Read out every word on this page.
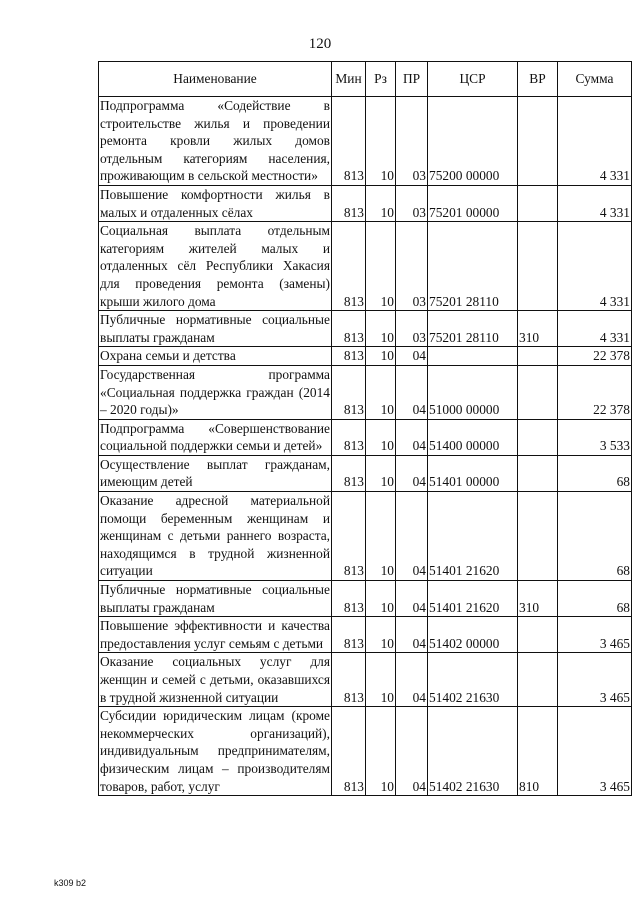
120
Наименование	Мин	Рз	ПР	ЦСР	ВР	Сумма
Подпрограмма «Содействие в строительстве жилья и проведении ремонта кровли жилых домов отдельным категориям населения, проживающим в сельской местности»	813	10	03	75200 00000		4 331
Повышение комфортности жилья в малых и отдаленных сёлах	813	10	03	75201 00000		4 331
Социальная выплата отдельным категориям жителей малых и отдаленных сёл Республики Хакасия для проведения ремонта (замены) крыши жилого дома	813	10	03	75201 28110		4 331
Публичные нормативные социальные выплаты гражданам	813	10	03	75201 28110	310	4 331
Охрана семьи и детства	813	10	04			22 378
Государственная программа «Социальная поддержка граждан (2014 – 2020 годы)»	813	10	04	51000 00000		22 378
Подпрограмма «Совершенствование социальной поддержки семьи и детей»	813	10	04	51400 00000		3 533
Осуществление выплат гражданам, имеющим детей	813	10	04	51401 00000		68
Оказание адресной материальной помощи беременным женщинам и женщинам с детьми раннего возраста, находящимся в трудной жизненной ситуации	813	10	04	51401 21620		68
Публичные нормативные социальные выплаты гражданам	813	10	04	51401 21620	310	68
Повышение эффективности и качества предоставления услуг семьям с детьми	813	10	04	51402 00000		3 465
Оказание социальных услуг для женщин и семей с детьми, оказавшихся в трудной жизненной ситуации	813	10	04	51402 21630		3 465
Субсидии юридическим лицам (кроме некоммерческих организаций), индивидуальным предпринимателям, физическим лицам – производителям товаров, работ, услуг	813	10	04	51402 21630	810	3 465
k309 b2
